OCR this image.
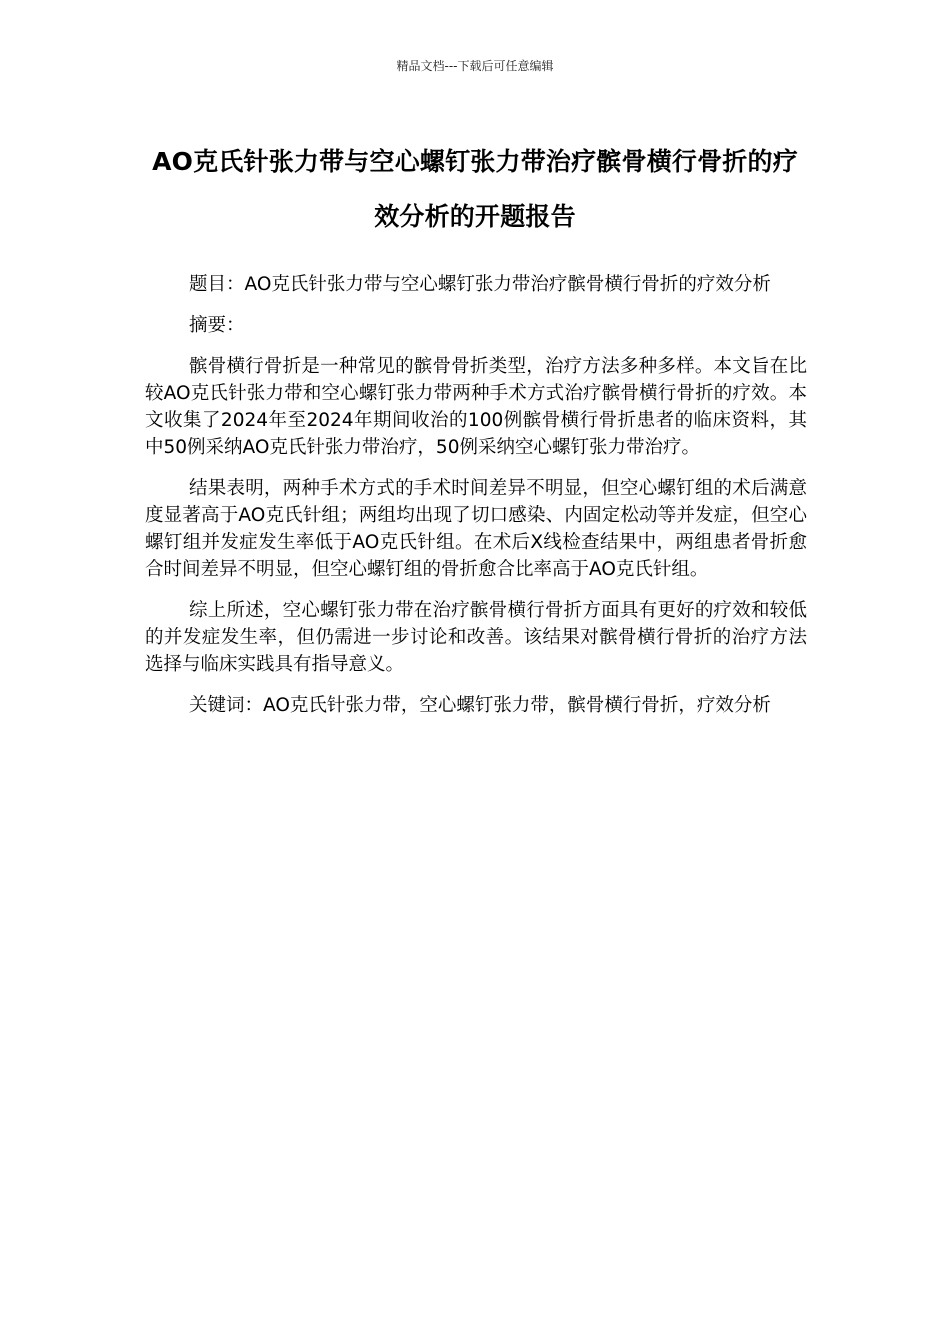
精品文档---下载后可任意编辑
AO克氏针张力带与空心螺钉张力带治疗髌骨横行骨折的疗效分析的开题报告

题目：AO克氏针张力带与空心螺钉张力带治疗髌骨横行骨折的疗效分析

摘要：

髌骨横行骨折是一种常见的髌骨骨折类型，治疗方法多种多样。本文旨在比较AO克氏针张力带和空心螺钉张力带两种手术方式治疗髌骨横行骨折的疗效。本文收集了2024年至2024年期间收治的100例髌骨横行骨折患者的临床资料，其中50例采纳AO克氏针张力带治疗，50例采纳空心螺钉张力带治疗。

结果表明，两种手术方式的手术时间差异不明显，但空心螺钉组的术后满意度显著高于AO克氏针组；两组均出现了切口感染、内固定松动等并发症，但空心螺钉组并发症发生率低于AO克氏针组。在术后X线检查结果中，两组患者骨折愈合时间差异不明显，但空心螺钉组的骨折愈合比率高于AO克氏针组。

综上所述，空心螺钉张力带在治疗髌骨横行骨折方面具有更好的疗效和较低的并发症发生率，但仍需进一步讨论和改善。该结果对髌骨横行骨折的治疗方法选择与临床实践具有指导意义。

关键词：AO克氏针张力带，空心螺钉张力带，髌骨横行骨折，疗效分析
